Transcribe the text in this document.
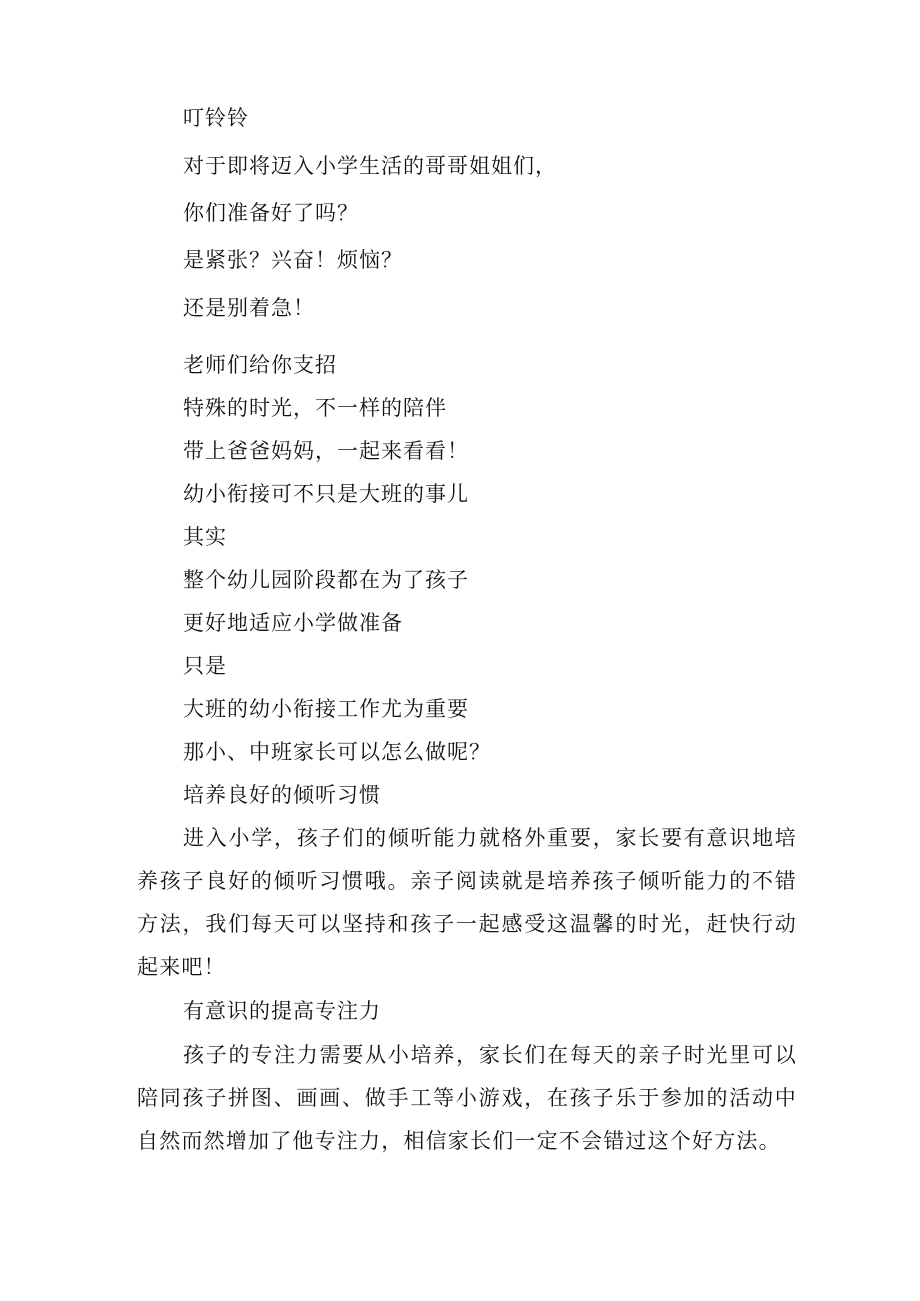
叮铃铃
对于即将迈入小学生活的哥哥姐姐们，
你们准备好了吗？
是紧张？兴奋！烦恼？
还是别着急！
老师们给你支招
特殊的时光，不一样的陪伴
带上爸爸妈妈，一起来看看！
幼小衔接可不只是大班的事儿
其实
整个幼儿园阶段都在为了孩子
更好地适应小学做准备
只是
大班的幼小衔接工作尤为重要
那小、中班家长可以怎么做呢？
培养良好的倾听习惯
进入小学，孩子们的倾听能力就格外重要，家长要有意识地培养孩子良好的倾听习惯哦。亲子阅读就是培养孩子倾听能力的不错方法，我们每天可以坚持和孩子一起感受这温馨的时光，赶快行动起来吧！
有意识的提高专注力
孩子的专注力需要从小培养，家长们在每天的亲子时光里可以陪同孩子拼图、画画、做手工等小游戏，在孩子乐于参加的活动中自然而然增加了他专注力，相信家长们一定不会错过这个好方法。
